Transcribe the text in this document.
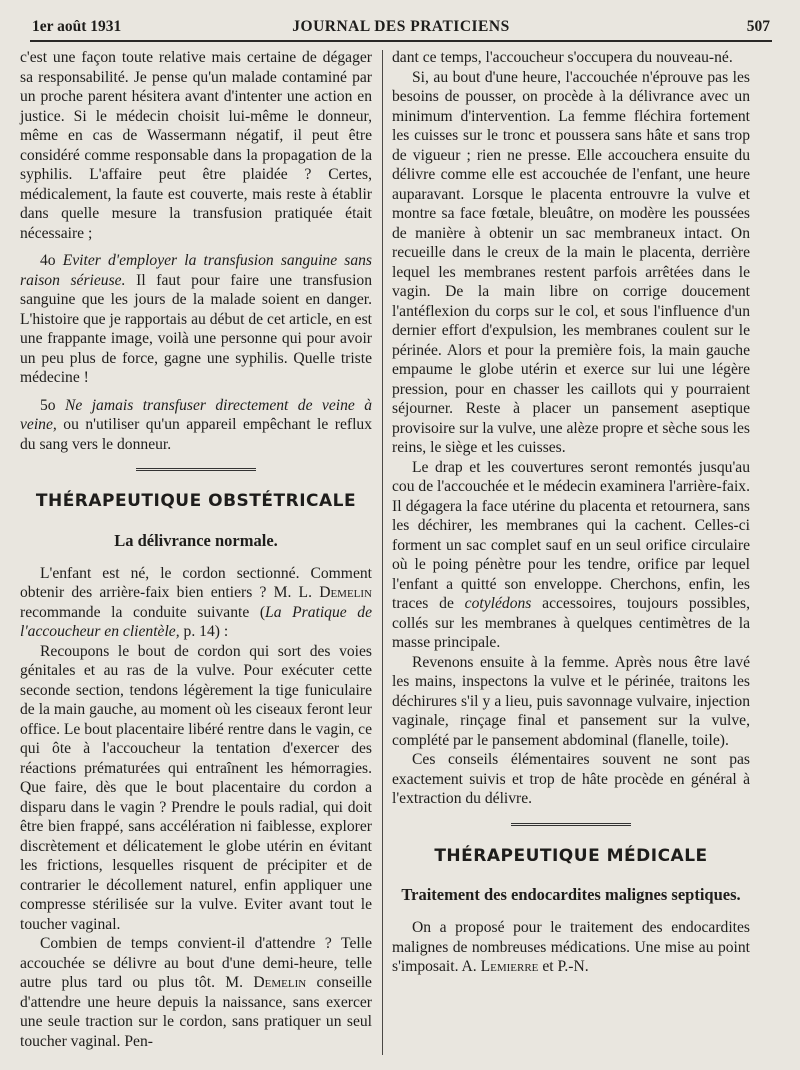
1er août 1931	JOURNAL DES PRATICIENS	507

c'est une façon toute relative mais certaine de dégager sa responsabilité. Je pense qu'un malade contaminé par un proche parent hésitera avant d'intenter une action en justice. Si le médecin choisit lui-même le donneur, même en cas de Wassermann négatif, il peut être considéré comme responsable dans la propagation de la syphilis. L'affaire peut être plaidée ? Certes, médicalement, la faute est couverte, mais reste à établir dans quelle mesure la transfusion pratiquée était nécessaire ;

4o Eviter d'employer la transfusion sanguine sans raison sérieuse. Il faut pour faire une transfusion sanguine que les jours de la malade soient en danger. L'histoire que je rapportais au début de cet article, en est une frappante image, voilà une personne qui pour avoir un peu plus de force, gagne une syphilis. Quelle triste médecine !

5o Ne jamais transfuser directement de veine à veine, ou n'utiliser qu'un appareil empêchant le reflux du sang vers le donneur.

THÉRAPEUTIQUE OBSTÉTRICALE
La délivrance normale.

L'enfant est né, le cordon sectionné. Comment obtenir des arrière-faix bien entiers ? M. L. Demelin recommande la conduite suivante (La Pratique de l'accoucheur en clientèle, p. 14) :

Recoupons le bout de cordon qui sort des voies génitales et au ras de la vulve. Pour exécuter cette seconde section, tendons légèrement la tige funiculaire de la main gauche, au moment où les ciseaux feront leur office. Le bout placentaire libéré rentre dans le vagin, ce qui ôte à l'accoucheur la tentation d'exercer des réactions prématurées qui entraînent les hémorragies. Que faire, dès que le bout placentaire du cordon a disparu dans le vagin ? Prendre le pouls radial, qui doit être bien frappé, sans accélération ni faiblesse, explorer discrètement et délicatement le globe utérin en évitant les frictions, lesquelles risquent de précipiter et de contrarier le décollement naturel, enfin appliquer une compresse stérilisée sur la vulve. Eviter avant tout le toucher vaginal.

Combien de temps convient-il d'attendre ? Telle accouchée se délivre au bout d'une demi-heure, telle autre plus tard ou plus tôt. M. Demelin conseille d'attendre une heure depuis la naissance, sans exercer une seule traction sur le cordon, sans pratiquer un seul toucher vaginal. Pen-

dant ce temps, l'accoucheur s'occupera du nouveau-né.

Si, au bout d'une heure, l'accouchée n'éprouve pas les besoins de pousser, on procède à la délivrance avec un minimum d'intervention. La femme fléchira fortement les cuisses sur le tronc et poussera sans hâte et sans trop de vigueur ; rien ne presse. Elle accouchera ensuite du délivre comme elle est accouchée de l'enfant, une heure auparavant. Lorsque le placenta entrouvre la vulve et montre sa face fœtale, bleuâtre, on modère les poussées de manière à obtenir un sac membraneux intact. On recueille dans le creux de la main le placenta, derrière lequel les membranes restent parfois arrêtées dans le vagin. De la main libre on corrige doucement l'antéflexion du corps sur le col, et sous l'influence d'un dernier effort d'expulsion, les membranes coulent sur le périnée. Alors et pour la première fois, la main gauche empaume le globe utérin et exerce sur lui une légère pression, pour en chasser les caillots qui y pourraient séjourner. Reste à placer un pansement aseptique provisoire sur la vulve, une alèze propre et sèche sous les reins, le siège et les cuisses.

Le drap et les couvertures seront remontés jusqu'au cou de l'accouchée et le médecin examinera l'arrière-faix. Il dégagera la face utérine du placenta et retournera, sans les déchirer, les membranes qui la cachent. Celles-ci forment un sac complet sauf en un seul orifice circulaire où le poing pénètre pour les tendre, orifice par lequel l'enfant a quitté son enveloppe. Cherchons, enfin, les traces de cotylédons accessoires, toujours possibles, collés sur les membranes à quelques centimètres de la masse principale.

Revenons ensuite à la femme. Après nous être lavé les mains, inspectons la vulve et le périnée, traitons les déchirures s'il y a lieu, puis savonnage vulvaire, injection vaginale, rinçage final et pansement sur la vulve, complété par le pansement abdominal (flanelle, toile).

Ces conseils élémentaires souvent ne sont pas exactement suivis et trop de hâte procède en général à l'extraction du délivre.

THÉRAPEUTIQUE MÉDICALE
Traitement des endocardites malignes septiques.

On a proposé pour le traitement des endocardites malignes de nombreuses médications. Une mise au point s'imposait. A. Lemierre et P.-N.
